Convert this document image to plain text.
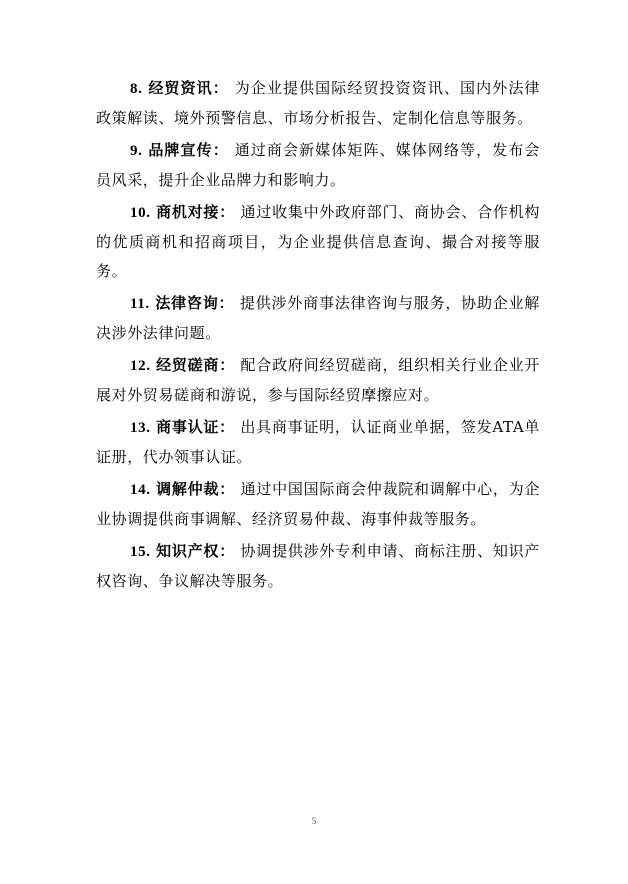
8. 经贸资讯： 为企业提供国际经贸投资资讯、国内外法律政策解读、境外预警信息、市场分析报告、定制化信息等服务。

9. 品牌宣传： 通过商会新媒体矩阵、媒体网络等，发布会员风采，提升企业品牌力和影响力。

10. 商机对接： 通过收集中外政府部门、商协会、合作机构的优质商机和招商项目，为企业提供信息查询、撮合对接等服务。

11. 法律咨询： 提供涉外商事法律咨询与服务，协助企业解决涉外法律问题。

12. 经贸磋商： 配合政府间经贸磋商，组织相关行业企业开展对外贸易磋商和游说，参与国际经贸摩擦应对。

13. 商事认证： 出具商事证明，认证商业单据，签发ATA单证册，代办领事认证。

14. 调解仲裁： 通过中国国际商会仲裁院和调解中心，为企业协调提供商事调解、经济贸易仲裁、海事仲裁等服务。

15. 知识产权： 协调提供涉外专利申请、商标注册、知识产权咨询、争议解决等服务。

5
